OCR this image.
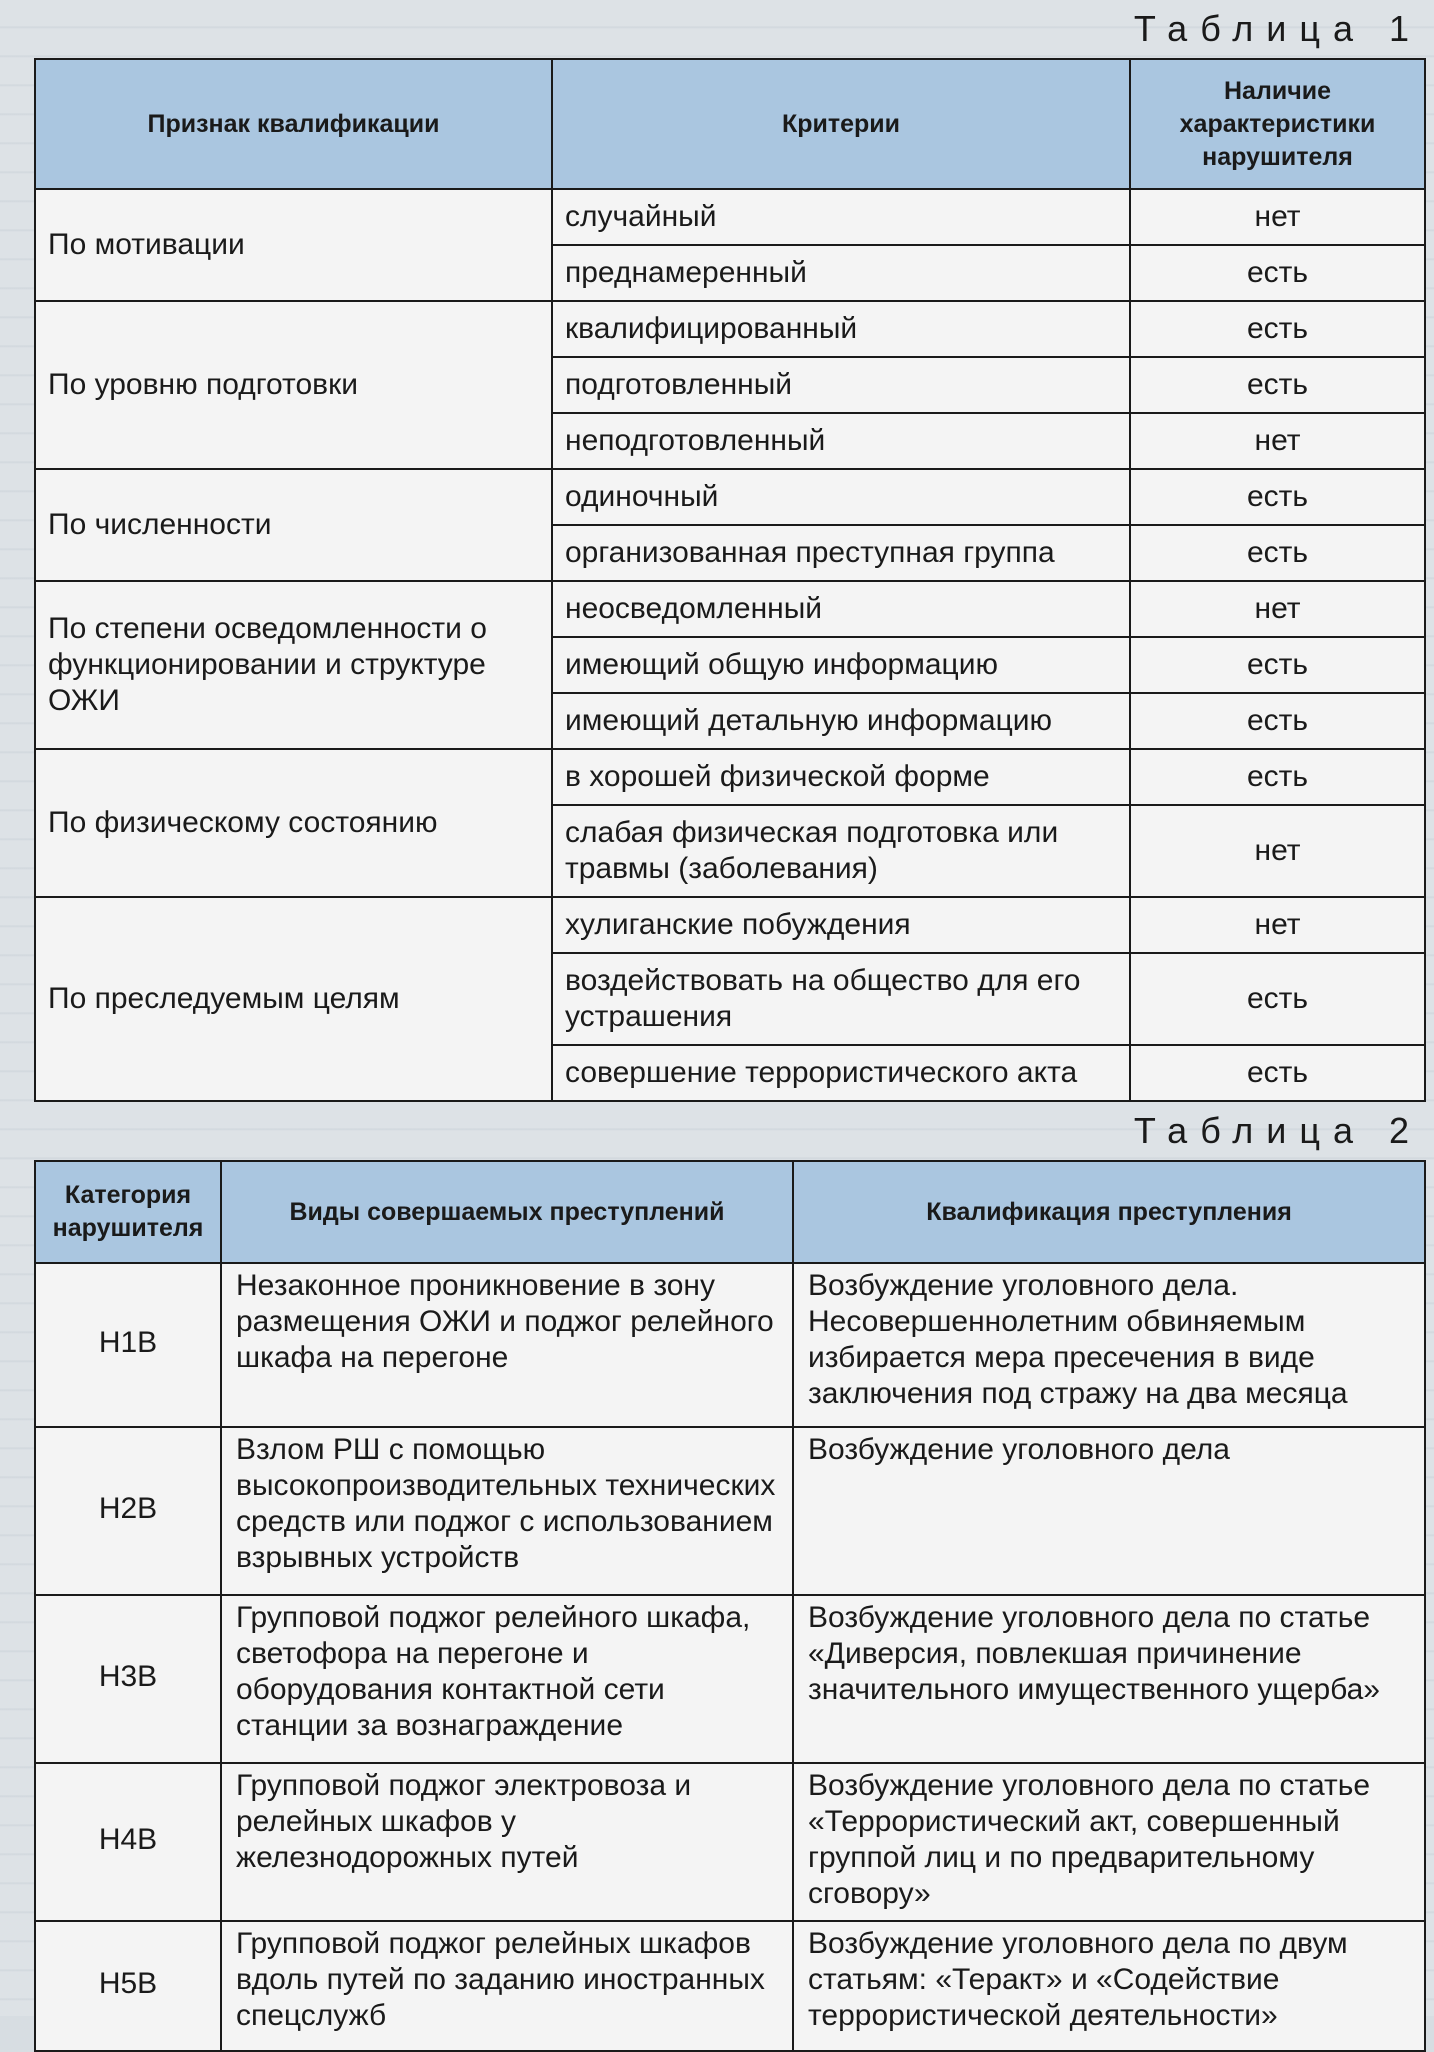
Таблица 1
Признак квалификации	Критерии	Наличие характеристики нарушителя
По мотивации	случайный	нет
	преднамеренный	есть
По уровню подготовки	квалифицированный	есть
	подготовленный	есть
	неподготовленный	нет
По численности	одиночный	есть
	организованная преступная группа	есть
По степени осведомленности о функционировании и структуре ОЖИ	неосведомленный	нет
	имеющий общую информацию	есть
	имеющий детальную информацию	есть
По физическому состоянию	в хорошей физической форме	есть
	слабая физическая подготовка или травмы (заболевания)	нет
По преследуемым целям	хулиганские побуждения	нет
	воздействовать на общество для его устрашения	есть
	совершение террористического акта	есть
Таблица 2
Категория нарушителя	Виды совершаемых преступлений	Квалификация преступления
Н1В	Незаконное проникновение в зону размещения ОЖИ и поджог релейного шкафа на перегоне	Возбуждение уголовного дела. Несовершеннолетним обвиняемым избирается мера пресечения в виде заключения под стражу на два месяца
Н2В	Взлом РШ с помощью высокопроизводительных технических средств или поджог с использованием взрывных устройств	Возбуждение уголовного дела
Н3В	Групповой поджог релейного шкафа, светофора на перегоне и оборудования контактной сети станции за вознаграждение	Возбуждение уголовного дела по статье «Диверсия, повлекшая причинение значительного имущественного ущерба»
Н4В	Групповой поджог электровоза и релейных шкафов у железнодорожных путей	Возбуждение уголовного дела по статье «Террористический акт, совершенный группой лиц и по предварительному сговору»
Н5В	Групповой поджог релейных шкафов вдоль путей по заданию иностранных спецслужб	Возбуждение уголовного дела по двум статьям: «Теракт» и «Содействие террористической деятельности»
